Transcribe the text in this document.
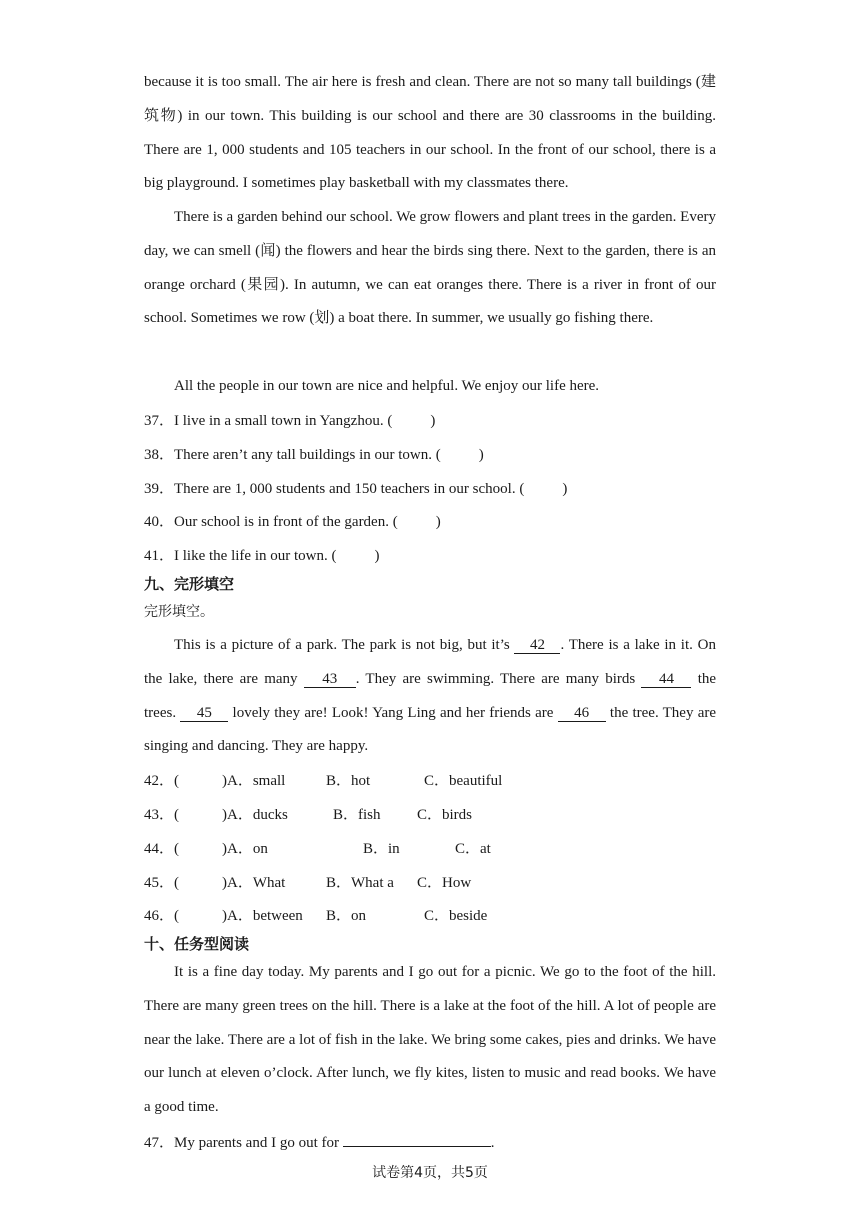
because it is too small. The air here is fresh and clean. There are not so many tall buildings (建筑物) in our town. This building is our school and there are 30 classrooms in the building. There are 1, 000 students and 105 teachers in our school. In the front of our school, there is a big playground. I sometimes play basketball with my classmates there.

There is a garden behind our school. We grow flowers and plant trees in the garden. Every day, we can smell (闻) the flowers and hear the birds sing there. Next to the garden, there is an orange orchard (果园). In autumn, we can eat oranges there. There is a river in front of our school. Sometimes we row (划) a boat there. In summer, we usually go fishing there.

All the people in our town are nice and helpful. We enjoy our life here.

37．I live in a small town in Yangzhou. (	)
38．There aren’t any tall buildings in our town. (	)
39．There are 1, 000 students and 150 teachers in our school. (	)
40．Our school is in front of the garden. (	)
41．I like the life in our town. (	)
九、完形填空
完形填空。

This is a picture of a park. The park is not big, but it’s 42 . There is a lake in it. On the lake, there are many 43 . They are swimming. There are many birds 44 the trees. 45 lovely they are! Look! Yang Ling and her friends are 46 the tree. They are singing and dancing. They are happy.

42．(	) A．small	B．hot	C．beautiful
43．(	) A．ducks	B．fish C．birds
44．(	) A．on	B．in	C．at
45．(	) A．What	B．What a C．How
46．(	) A．between B．on	C．beside
十、任务型阅读

It is a fine day today. My parents and I go out for a picnic. We go to the foot of the hill. There are many green trees on the hill. There is a lake at the foot of the hill. A lot of people are near the lake. There are a lot of fish in the lake. We bring some cakes, pies and drinks. We have our lunch at eleven o’clock. After lunch, we fly kites, listen to music and read books. We have a good time.

47．My parents and I go out for	.
试卷第4页，共5页
